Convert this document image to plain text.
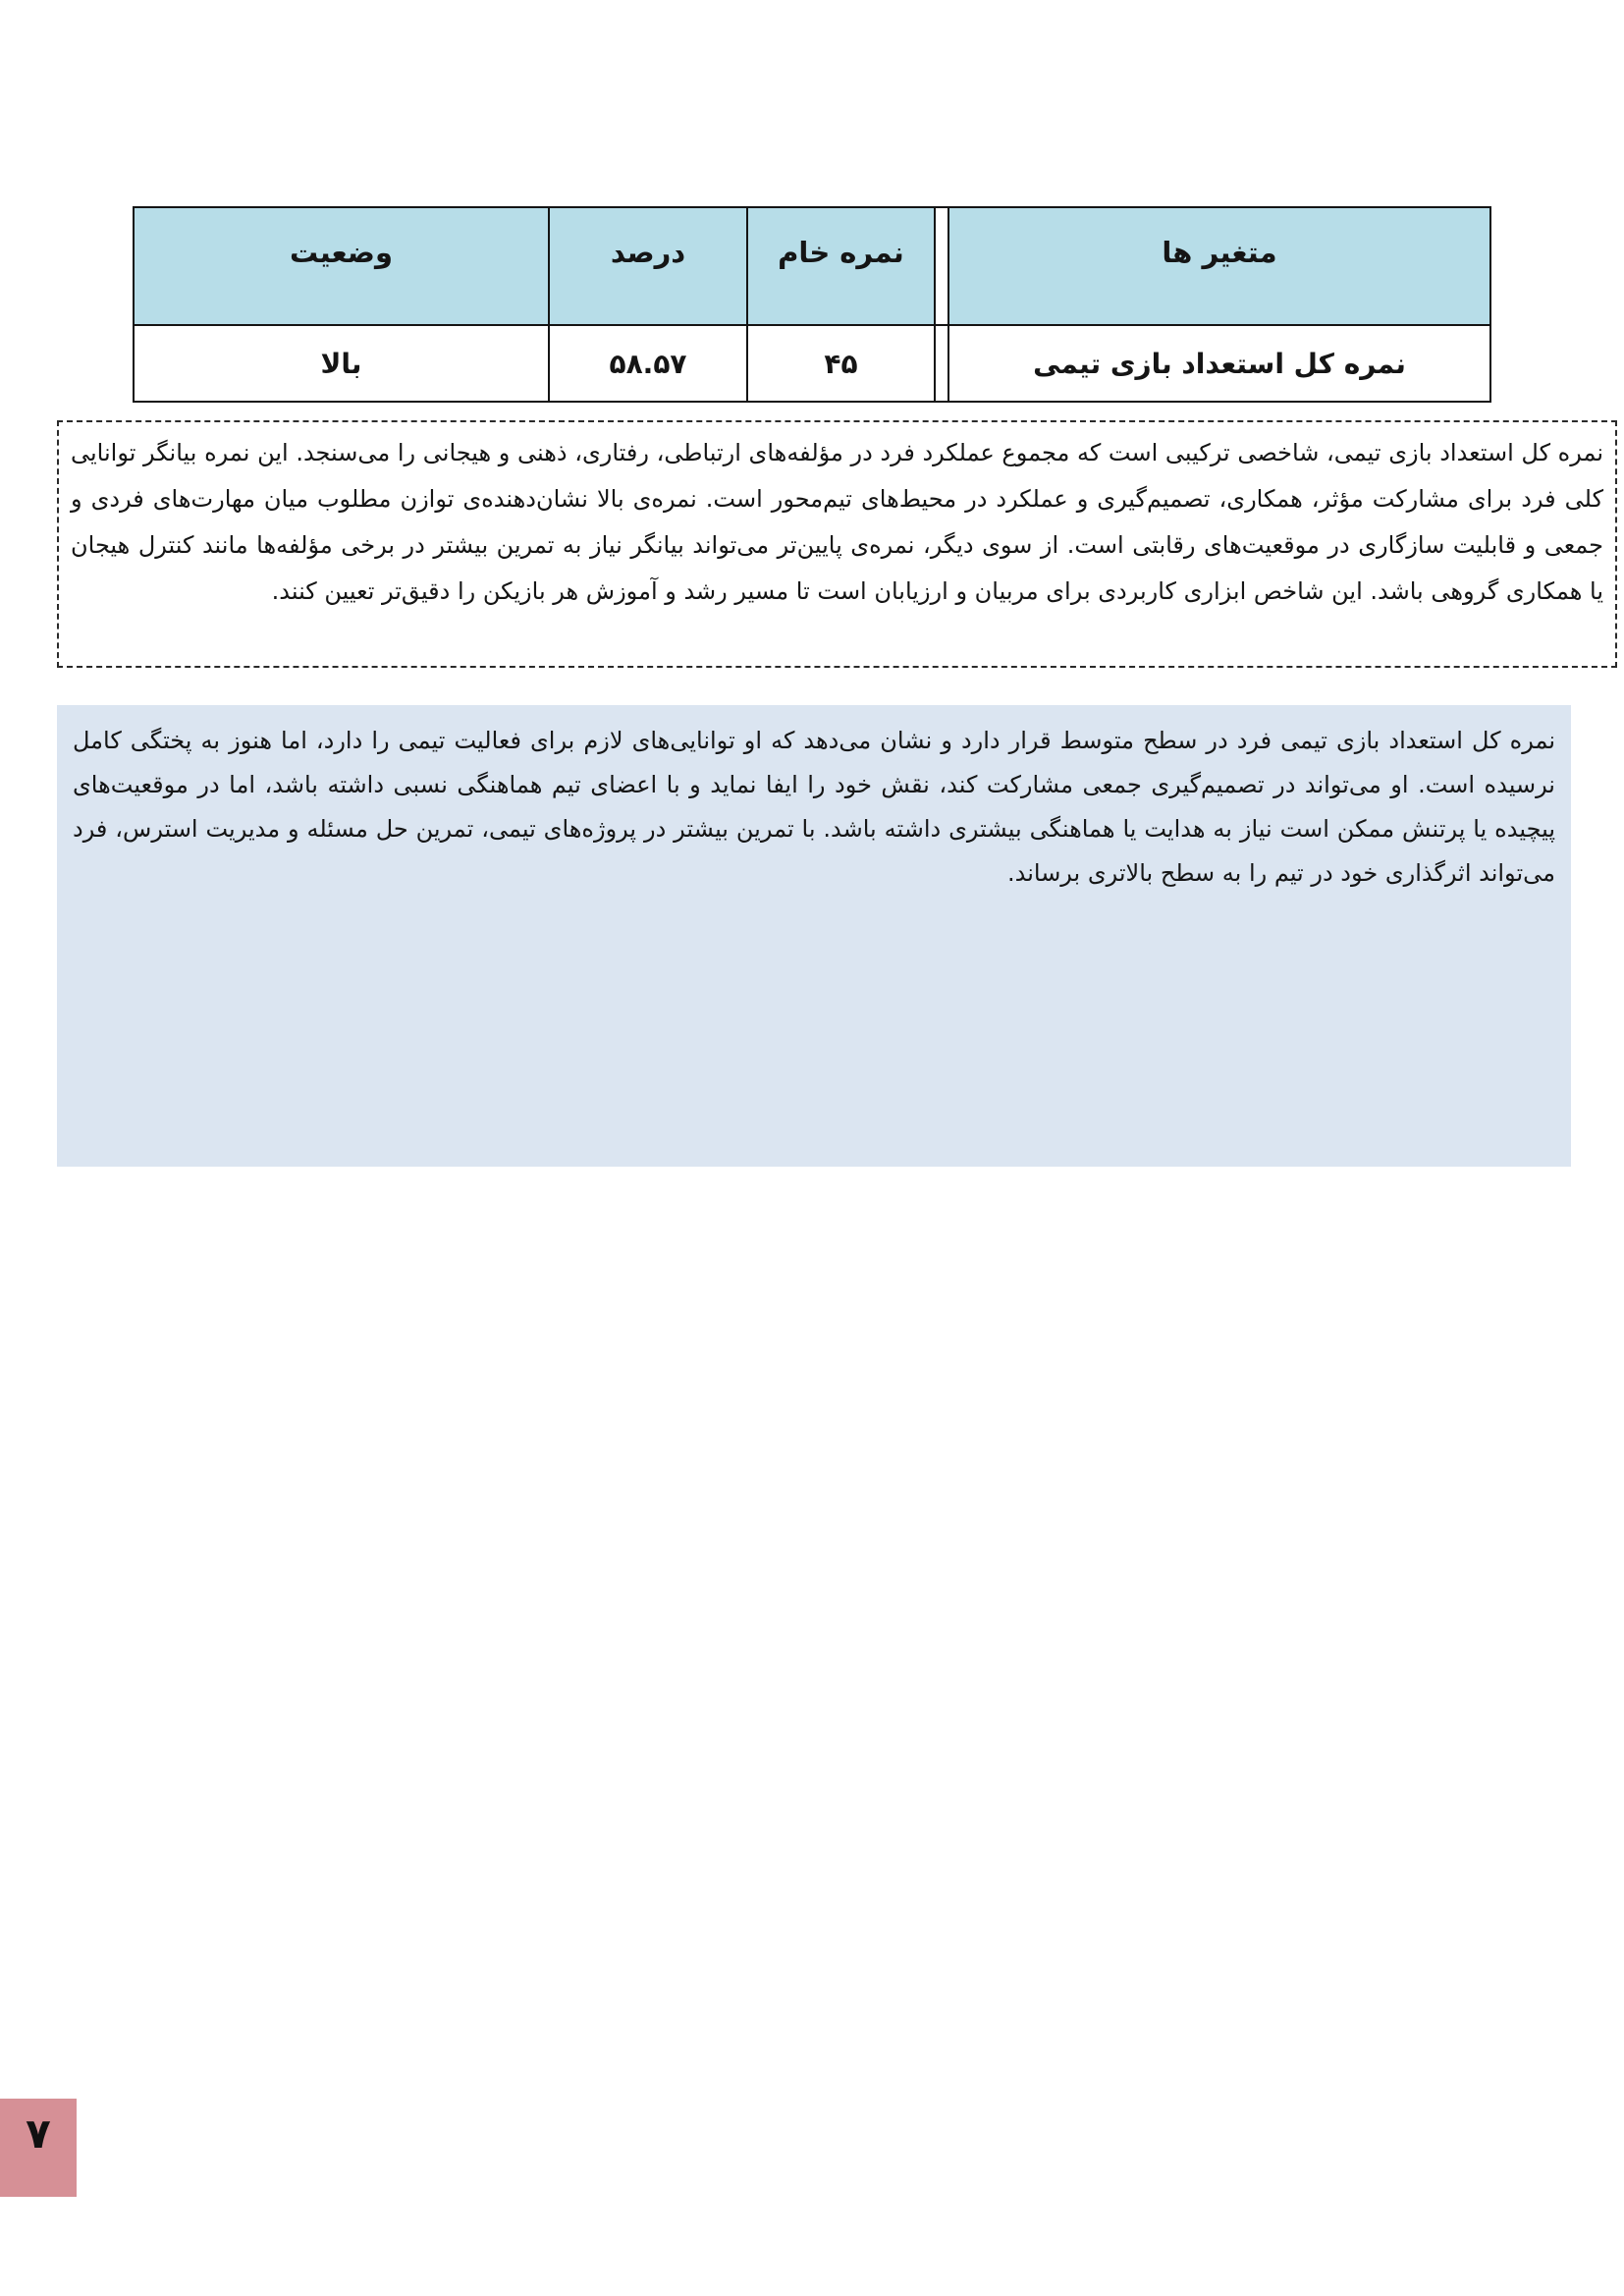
متغیر ها		نمره خام	درصد	وضعیت
نمره کل استعداد بازی تیمی		۴۵	۵۸.۵۷	بالا
نمره کل استعداد بازی تیمی، شاخصی ترکیبی است که مجموع عملکرد فرد در مؤلفه‌های ارتباطی، رفتاری، ذهنی و هیجانی را می‌سنجد. این نمره بیانگر توانایی کلی فرد برای مشارکت مؤثر، همکاری، تصمیم‌گیری و عملکرد در محیط‌های تیم‌محور است. نمره‌ی بالا نشان‌دهنده‌ی توازن مطلوب میان مهارت‌های فردی و جمعی و قابلیت سازگاری در موقعیت‌های رقابتی است. از سوی دیگر، نمره‌ی پایین‌تر می‌تواند بیانگر نیاز به تمرین بیشتر در برخی مؤلفه‌ها مانند کنترل هیجان یا همکاری گروهی باشد. این شاخص ابزاری کاربردی برای مربیان و ارزیابان است تا مسیر رشد و آموزش هر بازیکن را دقیق‌تر تعیین کنند.
نمره کل استعداد بازی تیمی فرد در سطح متوسط قرار دارد و نشان می‌دهد که او توانایی‌های لازم برای فعالیت تیمی را دارد، اما هنوز به پختگی کامل نرسیده است. او می‌تواند در تصمیم‌گیری جمعی مشارکت کند، نقش خود را ایفا نماید و با اعضای تیم هماهنگی نسبی داشته باشد، اما در موقعیت‌های پیچیده یا پرتنش ممکن است نیاز به هدایت یا هماهنگی بیشتری داشته باشد. با تمرین بیشتر در پروژه‌های تیمی، تمرین حل مسئله و مدیریت استرس، فرد می‌تواند اثرگذاری خود در تیم را به سطح بالاتری برساند.
۷
